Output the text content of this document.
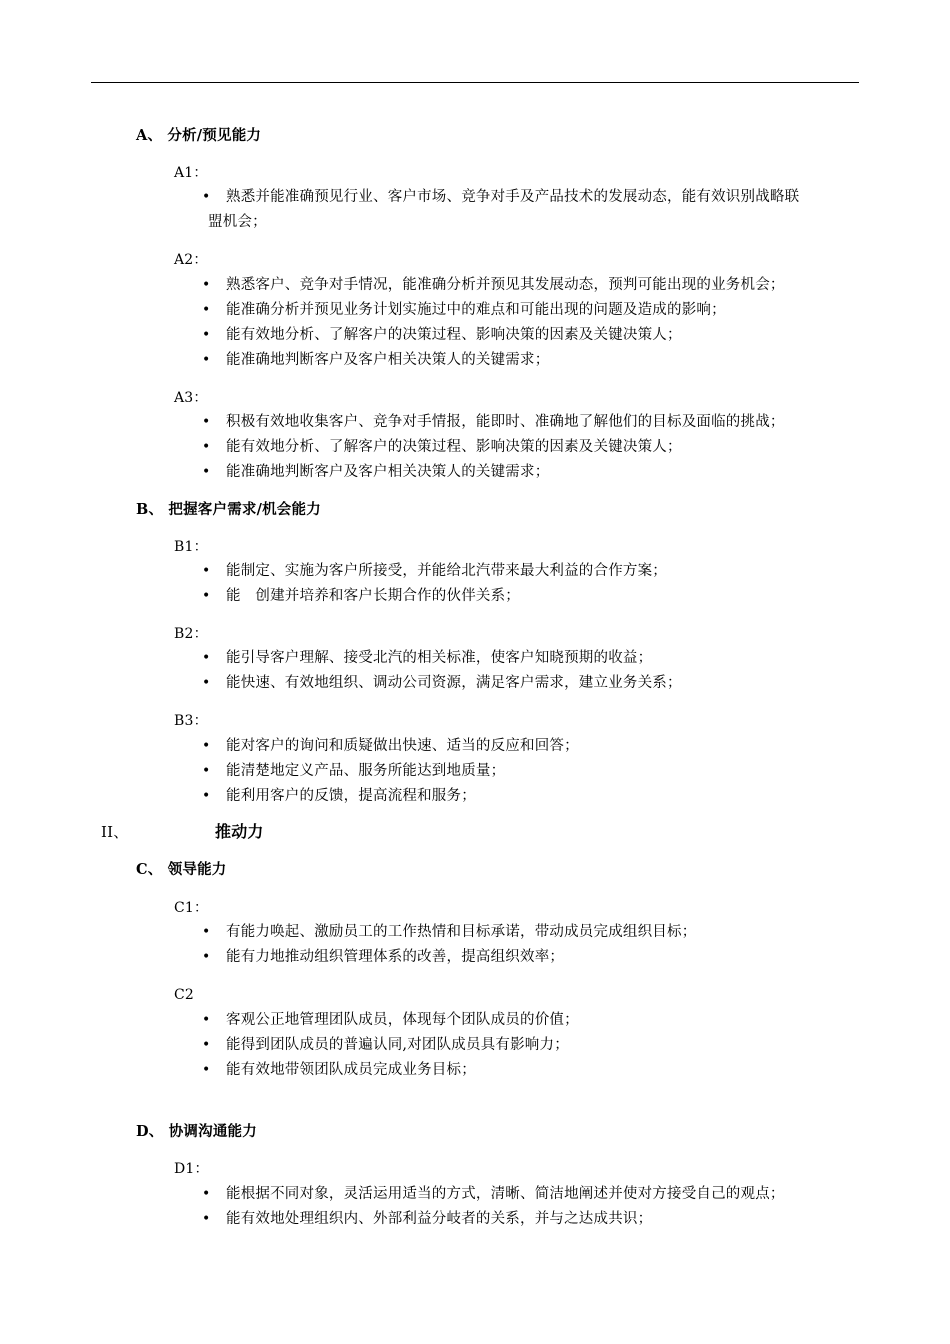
A、 分析/预见能力
A1：
• 熟悉并能准确预见行业、客户市场、竞争对手及产品技术的发展动态，能有效识别战略联
盟机会；
A2：
• 熟悉客户、竞争对手情况，能准确分析并预见其发展动态，预判可能出现的业务机会；
• 能准确分析并预见业务计划实施过中的难点和可能出现的问题及造成的影响；
• 能有效地分析、了解客户的决策过程、影响决策的因素及关键决策人；
• 能准确地判断客户及客户相关决策人的关键需求；
A3：
• 积极有效地收集客户、竞争对手情报，能即时、准确地了解他们的目标及面临的挑战；
• 能有效地分析、了解客户的决策过程、影响决策的因素及关键决策人；
• 能准确地判断客户及客户相关决策人的关键需求；
B、 把握客户需求/机会能力
B1：
• 能制定、实施为客户所接受，并能给北汽带来最大利益的合作方案；
• 能　创建并培养和客户长期合作的伙伴关系；
B2：
• 能引导客户理解、接受北汽的相关标准，使客户知晓预期的收益；
• 能快速、有效地组织、调动公司资源，满足客户需求，建立业务关系；
B3：
• 能对客户的询问和质疑做出快速、适当的反应和回答；
• 能清楚地定义产品、服务所能达到地质量；
• 能利用客户的反馈，提高流程和服务；
II、	推动力
C、 领导能力
C1：
• 有能力唤起、激励员工的工作热情和目标承诺，带动成员完成组织目标；
• 能有力地推动组织管理体系的改善，提高组织效率；
C2
• 客观公正地管理团队成员，体现每个团队成员的价值；
• 能得到团队成员的普遍认同,对团队成员具有影响力；
• 能有效地带领团队成员完成业务目标；
D、 协调沟通能力
D1：
• 能根据不同对象，灵活运用适当的方式，清晰、简洁地阐述并使对方接受自己的观点；
• 能有效地处理组织内、外部利益分岐者的关系，并与之达成共识；
